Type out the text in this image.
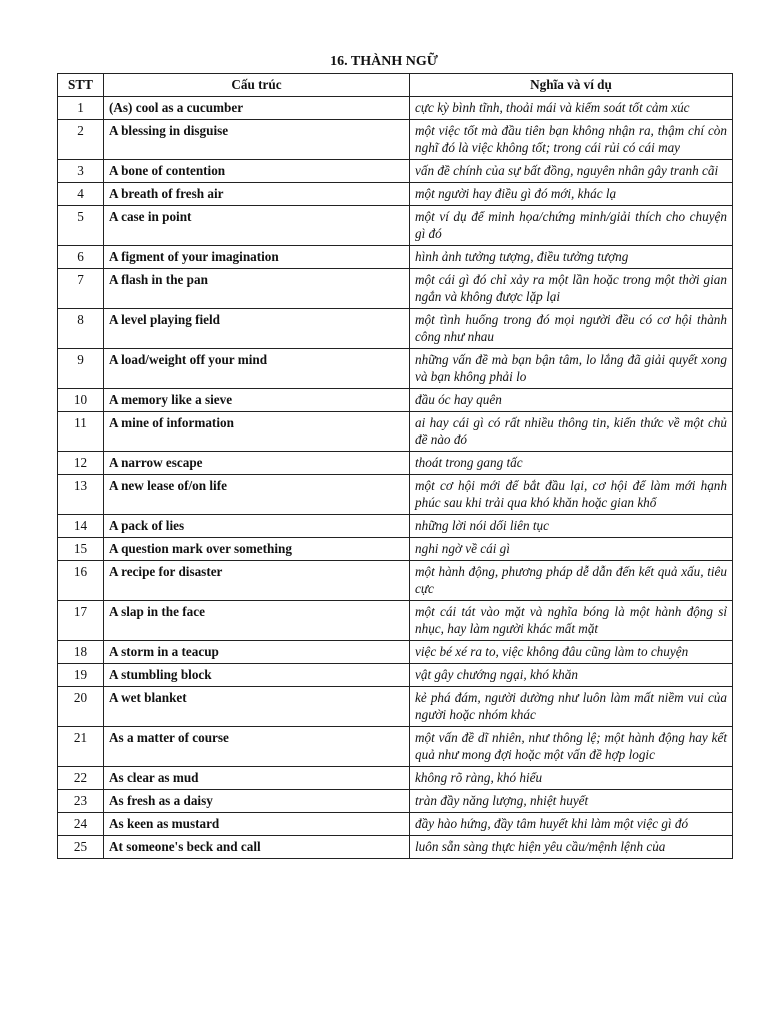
16. THÀNH NGỮ
STT	Cấu trúc	Nghĩa và ví dụ
1	(As) cool as a cucumber	cực kỳ bình tĩnh, thoải mái và kiểm soát tốt cảm xúc
2	A blessing in disguise	một việc tốt mà đầu tiên bạn không nhận ra, thậm chí còn nghĩ đó là việc không tốt; trong cái rủi có cái may
3	A bone of contention	vấn đề chính của sự bất đồng, nguyên nhân gây tranh cãi
4	A breath of fresh air	một người hay điều gì đó mới, khác lạ
5	A case in point	một ví dụ để minh họa/chứng minh/giải thích cho chuyện gì đó
6	A figment of your imagination	hình ảnh tưởng tượng, điều tưởng tượng
7	A flash in the pan	một cái gì đó chỉ xảy ra một lần hoặc trong một thời gian ngắn và không được lặp lại
8	A level playing field	một tình huống trong đó mọi người đều có cơ hội thành công như nhau
9	A load/weight off your mind	những vấn đề mà bạn bận tâm, lo lắng đã giải quyết xong và bạn không phải lo
10	A memory like a sieve	đầu óc hay quên
11	A mine of information	ai hay cái gì có rất nhiều thông tin, kiến thức về một chủ đề nào đó
12	A narrow escape	thoát trong gang tấc
13	A new lease of/on life	một cơ hội mới để bắt đầu lại, cơ hội để làm mới hạnh phúc sau khi trải qua khó khăn hoặc gian khổ
14	A pack of lies	những lời nói dối liên tục
15	A question mark over something	nghi ngờ về cái gì
16	A recipe for disaster	một hành động, phương pháp dễ dẫn đến kết quả xấu, tiêu cực
17	A slap in the face	một cái tát vào mặt và nghĩa bóng là một hành động sỉ nhục, hay làm người khác mất mặt
18	A storm in a teacup	việc bé xé ra to, việc không đâu cũng làm to chuyện
19	A stumbling block	vật gây chướng ngại, khó khăn
20	A wet blanket	kẻ phá đám, người dường như luôn làm mất niềm vui của người hoặc nhóm khác
21	As a matter of course	một vấn đề dĩ nhiên, như thông lệ; một hành động hay kết quả như mong đợi hoặc một vấn đề hợp logic
22	As clear as mud	không rõ ràng, khó hiểu
23	As fresh as a daisy	tràn đầy năng lượng, nhiệt huyết
24	As keen as mustard	đầy hào hứng, đầy tâm huyết khi làm một việc gì đó
25	At someone's beck and call	luôn sẵn sàng thực hiện yêu cầu/mệnh lệnh của
